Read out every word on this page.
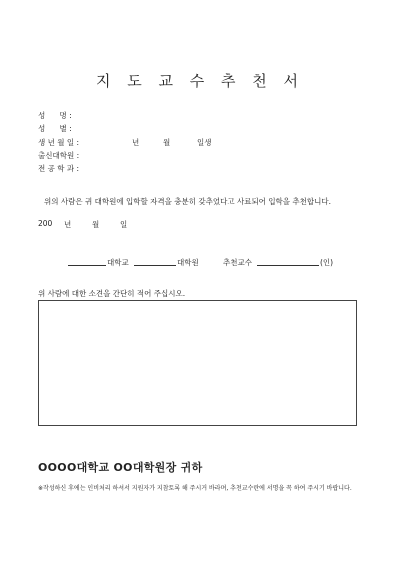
지 도 교 수 추 천 서
성      명 :
성      별 :
생 년 월 일 :	년	월	일생
출신대학원 :
전 공 학 과 :
위의 사람은 귀 대학원에 입학할 자격을 충분히 갖추었다고 사료되어 입학을 추천합니다.
200 년	월	일
대학교	대학원	추천교수	(인)
위 사람에 대한 소견을 간단히 적어 주십시오.
OOOO대학교 OO대학원장 귀하
※작성하신 후에는 인비처리 하셔서 지원자가 지참토록 해 주시거 바라며, 추천교수란에 서명을 꼭 하여 주시기 바랍니다.
